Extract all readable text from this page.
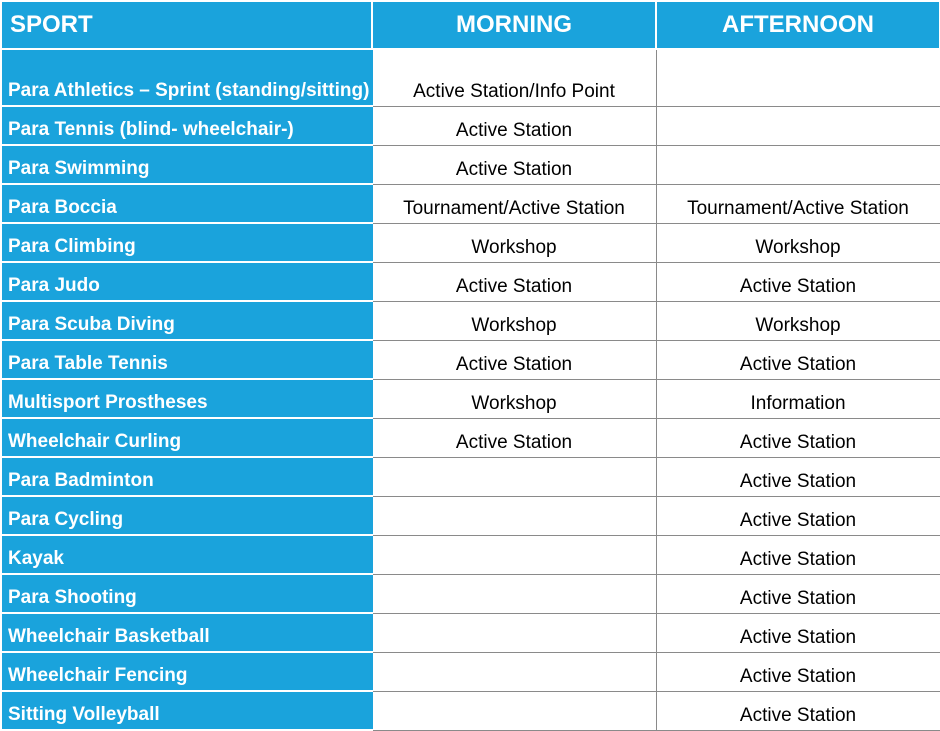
SPORT	MORNING	AFTERNOON
Para Athletics – Sprint (standing/sitting)	Active Station/Info Point	
Para Tennis (blind- wheelchair-)	Active Station	
Para Swimming	Active Station	
Para Boccia	Tournament/Active Station	Tournament/Active Station
Para Climbing	Workshop	Workshop
Para Judo	Active Station	Active Station
Para Scuba Diving	Workshop	Workshop
Para Table Tennis	Active Station	Active Station
Multisport Prostheses	Workshop	Information
Wheelchair Curling	Active Station	Active Station
Para Badminton		Active Station
Para Cycling		Active Station
Kayak		Active Station
Para Shooting		Active Station
Wheelchair Basketball		Active Station
Wheelchair Fencing		Active Station
Sitting Volleyball		Active Station
